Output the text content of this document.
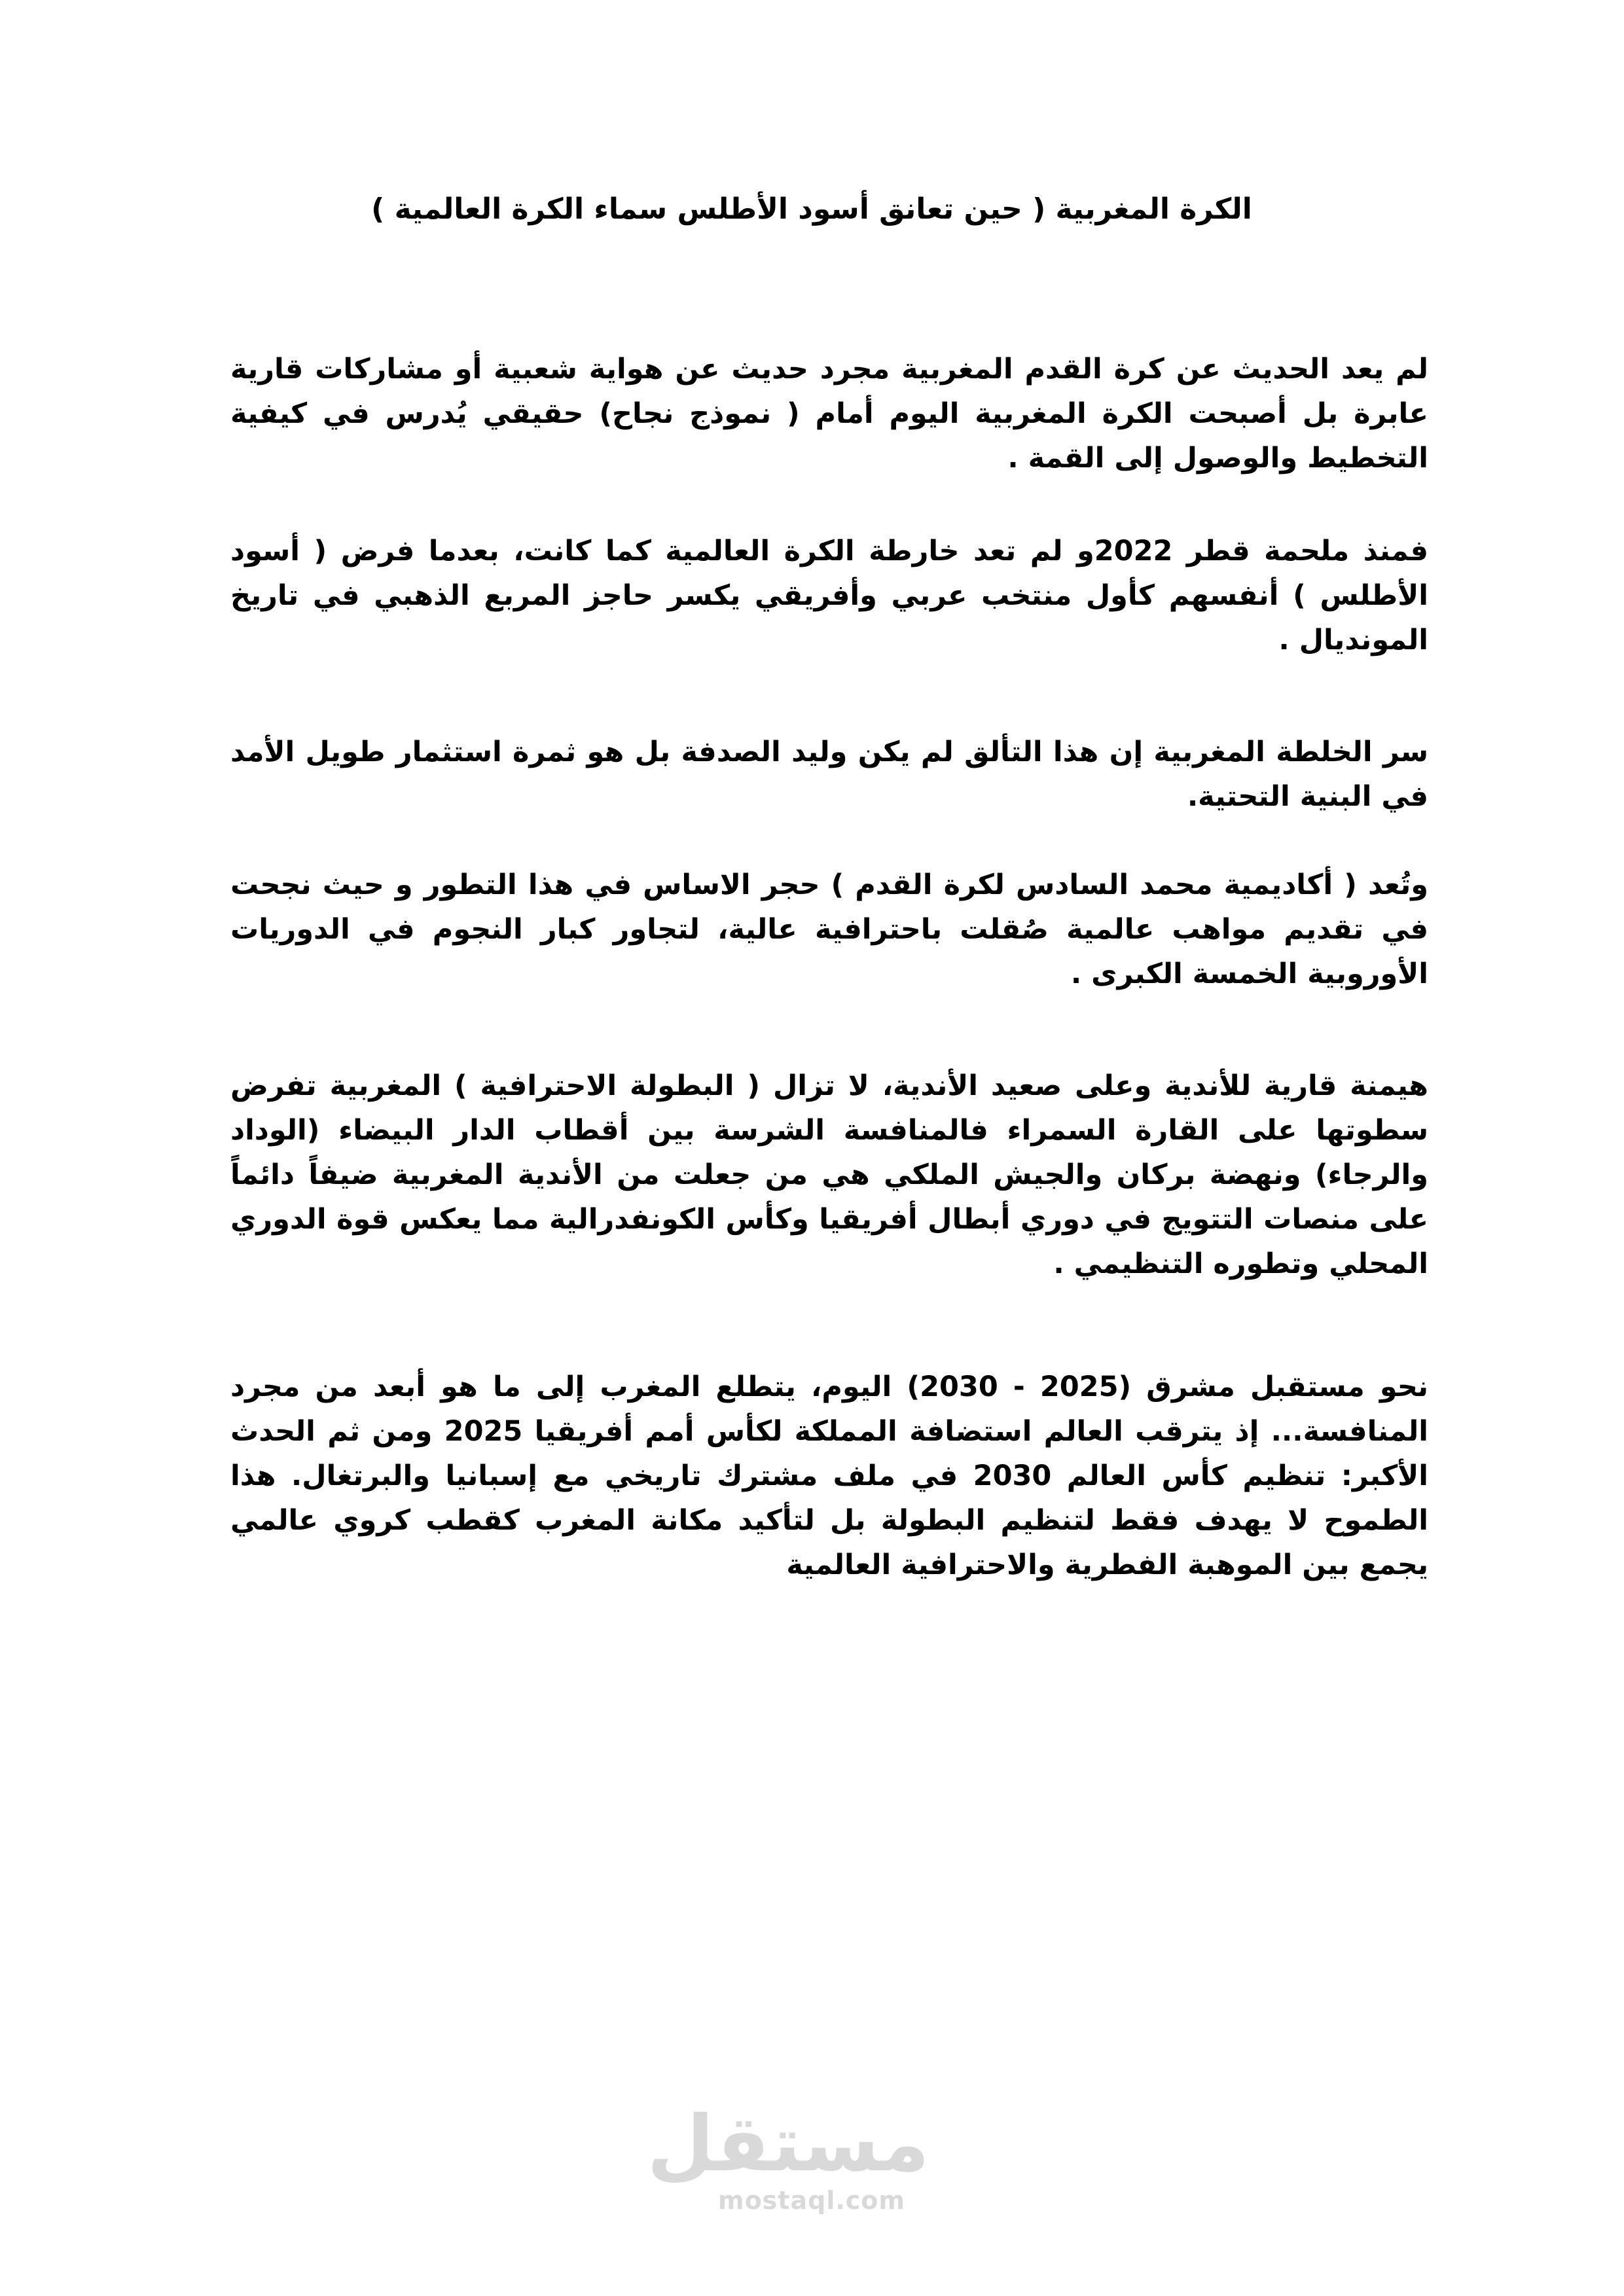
الكرة المغربية ( حين تعانق أسود الأطلس سماء الكرة العالمية )

لم يعد الحديث عن كرة القدم المغربية مجرد حديث عن هواية شعبية أو مشاركات قارية عابرة بل أصبحت الكرة المغربية اليوم أمام ( نموذج نجاح) حقيقي يُدرس في كيفية التخطيط والوصول إلى القمة .

فمنذ ملحمة قطر 2022و لم تعد خارطة الكرة العالمية كما كانت، بعدما فرض ( أسود الأطلس ) أنفسهم كأول منتخب عربي وأفريقي يكسر حاجز المربع الذهبي في تاريخ المونديال .

سر الخلطة المغربية إن هذا التألق لم يكن وليد الصدفة بل هو ثمرة استثمار طويل الأمد في البنية التحتية.

وتُعد ( أكاديمية محمد السادس لكرة القدم ) حجر الاساس في هذا التطور و حيث نجحت في تقديم مواهب عالمية صُقلت باحترافية عالية، لتجاور كبار النجوم في الدوريات الأوروبية الخمسة الكبرى .

هيمنة قارية للأندية وعلى صعيد الأندية، لا تزال ( البطولة الاحترافية ) المغربية تفرض سطوتها على القارة السمراء فالمنافسة الشرسة بين أقطاب الدار البيضاء (الوداد والرجاء) ونهضة بركان والجيش الملكي هي من جعلت من الأندية المغربية ضيفاً دائماً على منصات التتويج في دوري أبطال أفريقيا وكأس الكونفدرالية مما يعكس قوة الدوري المحلي وتطوره التنظيمي .

نحو مستقبل مشرق (2025 - 2030) اليوم، يتطلع المغرب إلى ما هو أبعد من مجرد المنافسة... إذ يترقب العالم استضافة المملكة لكأس أمم أفريقيا 2025 ومن ثم الحدث الأكبر: تنظيم كأس العالم 2030 في ملف مشترك تاريخي مع إسبانيا والبرتغال. هذا الطموح لا يهدف فقط لتنظيم البطولة بل لتأكيد مكانة المغرب كقطب كروي عالمي يجمع بين الموهبة الفطرية والاحترافية العالمية

مستقل
mostaql.com
